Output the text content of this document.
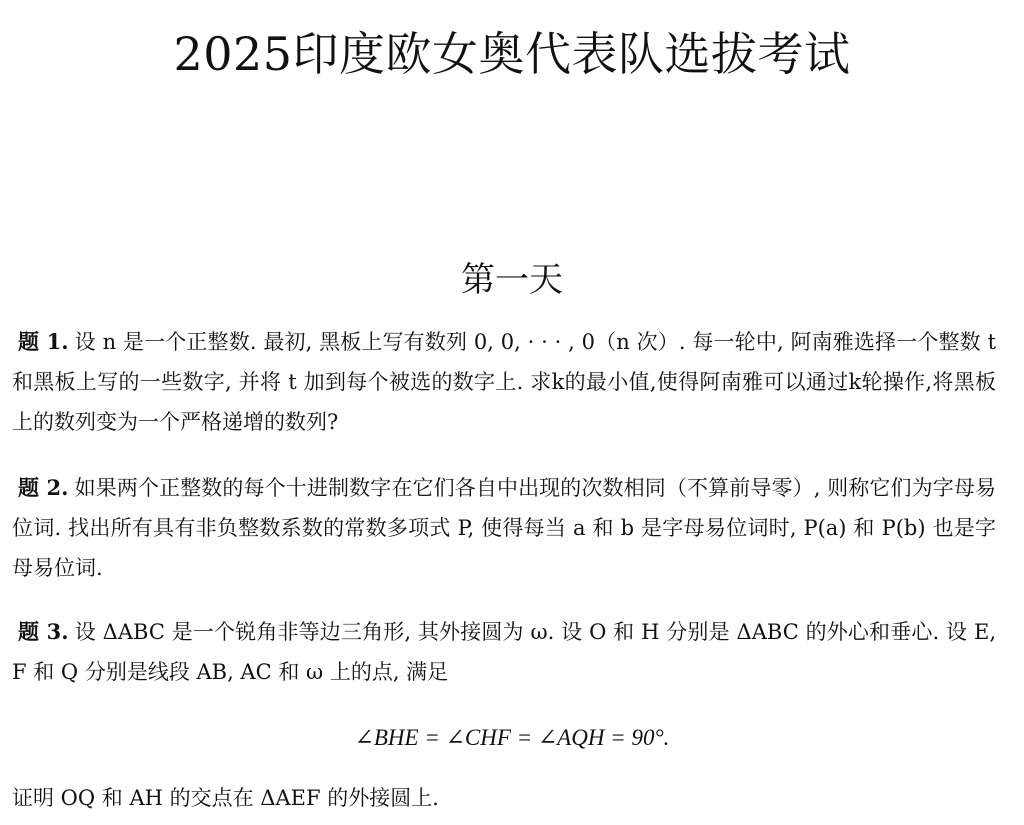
2025印度欧女奥代表队选拔考试
第一天
题 1. 设 n 是一个正整数. 最初, 黑板上写有数列 0, 0, · · · , 0（n 次）. 每一轮中, 阿南雅选择一个整数 t 和黑板上写的一些数字, 并将 t 加到每个被选的数字上. 求k的最小值,使得阿南雅可以通过k轮操作,将黑板上的数列变为一个严格递增的数列?
题 2. 如果两个正整数的每个十进制数字在它们各自中出现的次数相同（不算前导零）, 则称它们为字母易位词. 找出所有具有非负整数系数的常数多项式 P, 使得每当 a 和 b 是字母易位词时, P(a) 和 P(b) 也是字母易位词.
题 3. 设 ΔABC 是一个锐角非等边三角形, 其外接圆为 ω. 设 O 和 H 分别是 ΔABC 的外心和垂心. 设 E, F 和 Q 分别是线段 AB, AC 和 ω 上的点, 满足
∠BHE = ∠CHF = ∠AQH = 90°.
证明 OQ 和 AH 的交点在 ΔAEF 的外接圆上.
